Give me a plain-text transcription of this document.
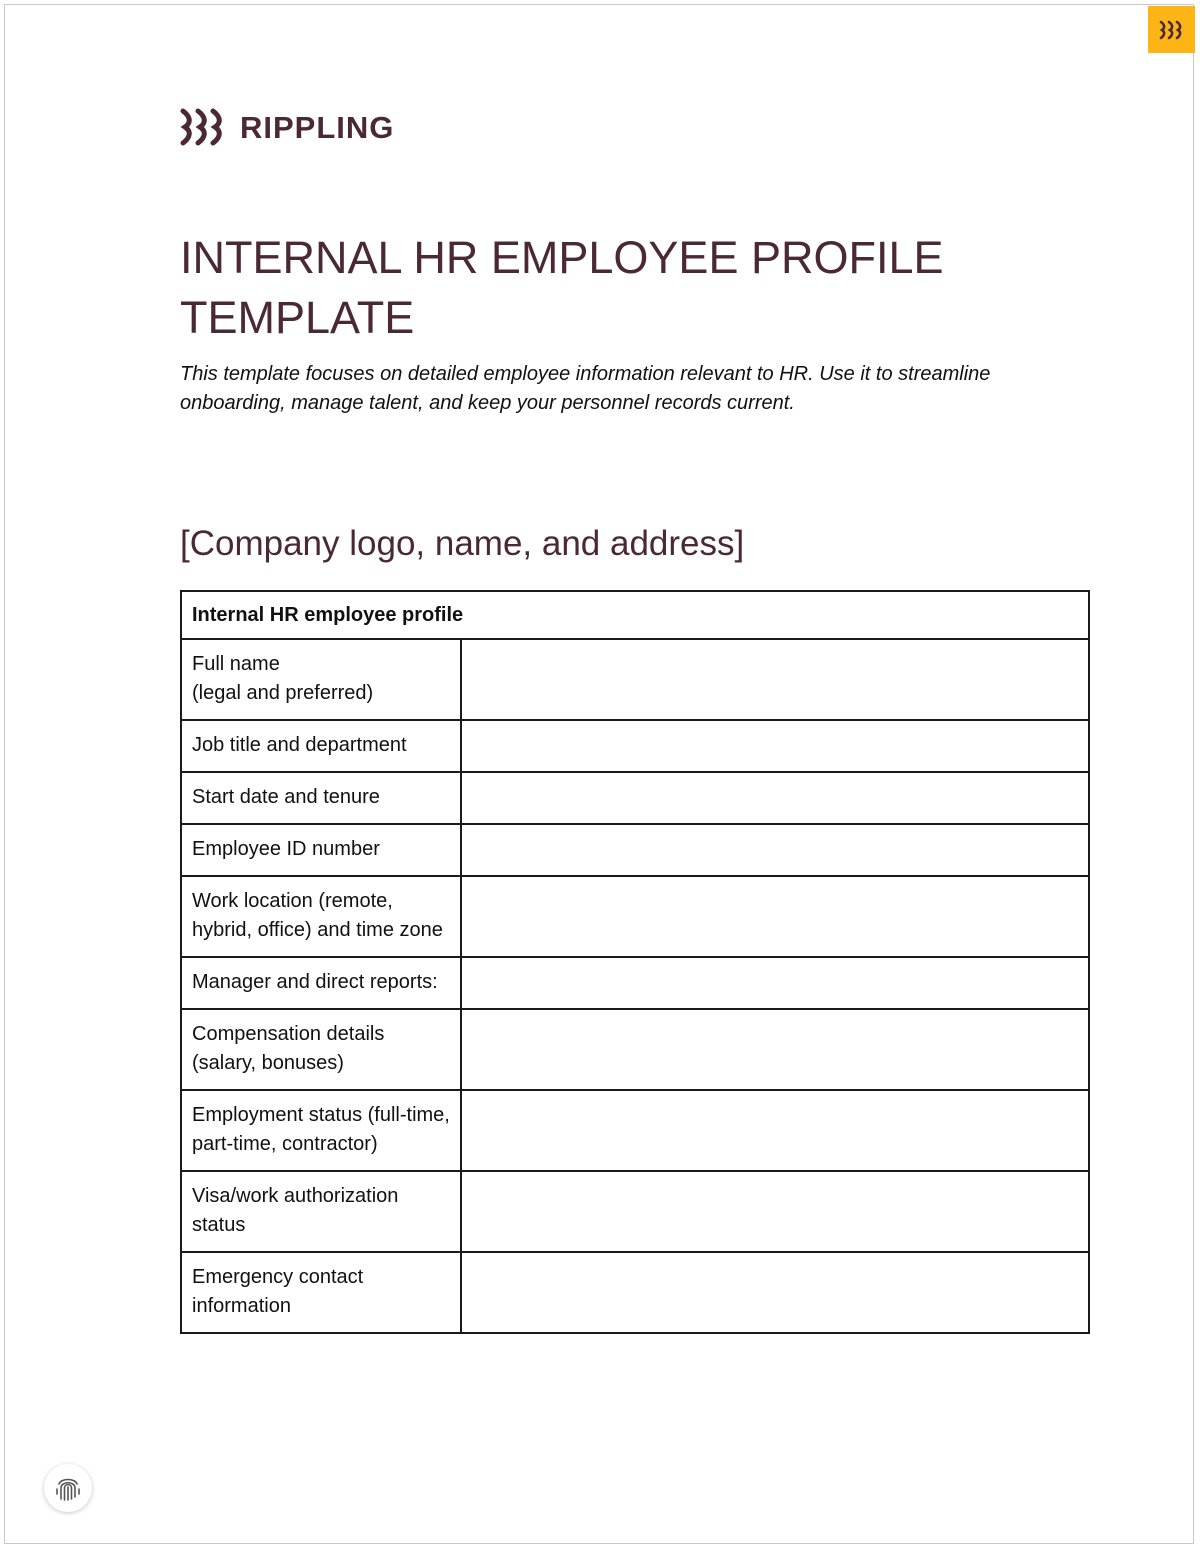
RIPPLING
INTERNAL HR EMPLOYEE PROFILE TEMPLATE

This template focuses on detailed employee information relevant to HR. Use it to streamline onboarding, manage talent, and keep your personnel records current.

[Company logo, name, and address]
Internal HR employee profile	
Full name
(legal and preferred)	
Job title and department	
Start date and tenure	
Employee ID number	
Work location (remote, hybrid, office) and time zone	
Manager and direct reports:	
Compensation details (salary, bonuses)	
Employment status (full-time, part-time, contractor)	
Visa/work authorization status	
Emergency contact information	
